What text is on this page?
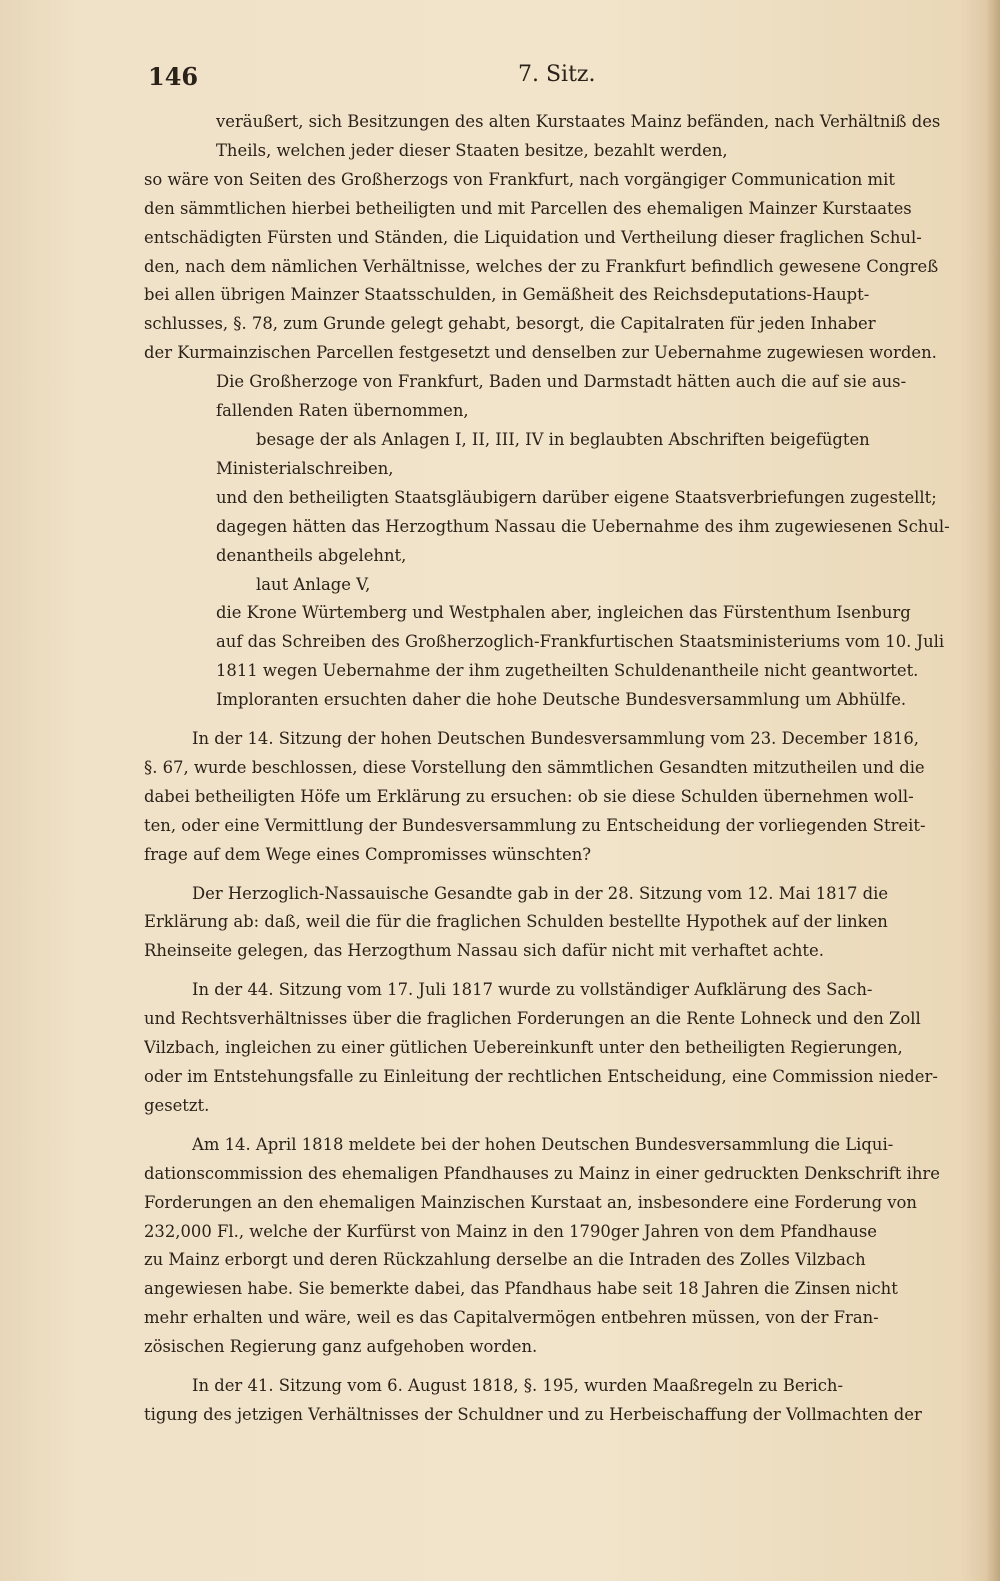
146	7. Sitz.
veräußert, sich Besitzungen des alten Kurstaates Mainz befänden, nach Verhältniß des
Theils, welchen jeder dieser Staaten besitze, bezahlt werden,
so wäre von Seiten des Großherzogs von Frankfurt, nach vorgängiger Communication mit
den sämmtlichen hierbei betheiligten und mit Parcellen des ehemaligen Mainzer Kurstaates
entschädigten Fürsten und Ständen, die Liquidation und Vertheilung dieser fraglichen Schul-
den, nach dem nämlichen Verhältnisse, welches der zu Frankfurt befindlich gewesene Congreß
bei allen übrigen Mainzer Staatsschulden, in Gemäßheit des Reichsdeputations-Haupt-
schlusses, §. 78, zum Grunde gelegt gehabt, besorgt, die Capitalraten für jeden Inhaber
der Kurmainzischen Parcellen festgesetzt und denselben zur Uebernahme zugewiesen worden.
Die Großherzoge von Frankfurt, Baden und Darmstadt hätten auch die auf sie aus-
fallenden Raten übernommen,
besage der als Anlagen I, II, III, IV in beglaubten Abschriften beigefügten
Ministerialschreiben,
und den betheiligten Staatsgläubigern darüber eigene Staatsverbriefungen zugestellt;
dagegen hätten das Herzogthum Nassau die Uebernahme des ihm zugewiesenen Schul-
denantheils abgelehnt,
laut Anlage V,
die Krone Würtemberg und Westphalen aber, ingleichen das Fürstenthum Isenburg
auf das Schreiben des Großherzoglich-Frankfurtischen Staatsministeriums vom 10. Juli
1811 wegen Uebernahme der ihm zugetheilten Schuldenantheile nicht geantwortet.
Imploranten ersuchten daher die hohe Deutsche Bundesversammlung um Abhülfe.
In der 14. Sitzung der hohen Deutschen Bundesversammlung vom 23. December 1816,
§. 67, wurde beschlossen, diese Vorstellung den sämmtlichen Gesandten mitzutheilen und die
dabei betheiligten Höfe um Erklärung zu ersuchen: ob sie diese Schulden übernehmen woll-
ten, oder eine Vermittlung der Bundesversammlung zu Entscheidung der vorliegenden Streit-
frage auf dem Wege eines Compromisses wünschten?
Der Herzoglich-Nassauische Gesandte gab in der 28. Sitzung vom 12. Mai 1817 die
Erklärung ab: daß, weil die für die fraglichen Schulden bestellte Hypothek auf der linken
Rheinseite gelegen, das Herzogthum Nassau sich dafür nicht mit verhaftet achte.
In der 44. Sitzung vom 17. Juli 1817 wurde zu vollständiger Aufklärung des Sach-
und Rechtsverhältnisses über die fraglichen Forderungen an die Rente Lohneck und den Zoll
Vilzbach, ingleichen zu einer gütlichen Uebereinkunft unter den betheiligten Regierungen,
oder im Entstehungsfalle zu Einleitung der rechtlichen Entscheidung, eine Commission nieder-
gesetzt.
Am 14. April 1818 meldete bei der hohen Deutschen Bundesversammlung die Liqui-
dationscommission des ehemaligen Pfandhauses zu Mainz in einer gedruckten Denkschrift ihre
Forderungen an den ehemaligen Mainzischen Kurstaat an, insbesondere eine Forderung von
232,000 Fl., welche der Kurfürst von Mainz in den 1790ger Jahren von dem Pfandhause
zu Mainz erborgt und deren Rückzahlung derselbe an die Intraden des Zolles Vilzbach
angewiesen habe. Sie bemerkte dabei, das Pfandhaus habe seit 18 Jahren die Zinsen nicht
mehr erhalten und wäre, weil es das Capitalvermögen entbehren müssen, von der Fran-
zösischen Regierung ganz aufgehoben worden.
In der 41. Sitzung vom 6. August 1818, §. 195, wurden Maaßregeln zu Berich-
tigung des jetzigen Verhältnisses der Schuldner und zu Herbeischaffung der Vollmachten der
